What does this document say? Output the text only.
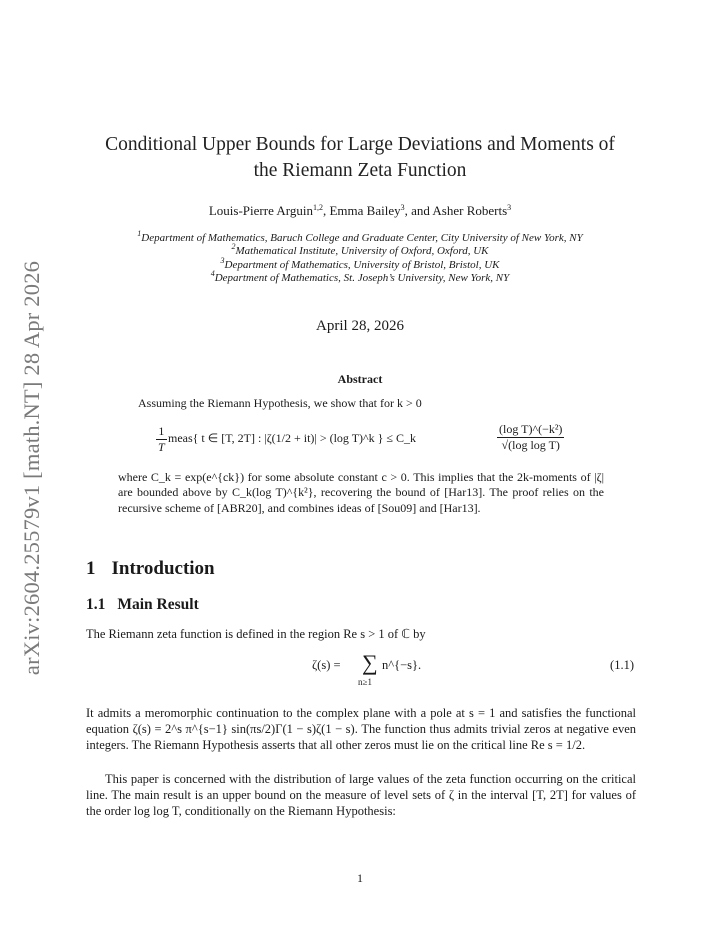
arXiv:2604.25579v1 [math.NT] 28 Apr 2026
Conditional Upper Bounds for Large Deviations and Moments of
the Riemann Zeta Function
Louis-Pierre Arguin$^{1,2}$, Emma Bailey$^3$, and Asher Roberts$^3$
$^1$Department of Mathematics, Baruch College and Graduate Center, City University of New York, NY
$^2$Mathematical Institute, University of Oxford, Oxford, UK
$^3$Department of Mathematics, University of Bristol, Bristol, UK
$^4$Department of Mathematics, St. Joseph’s University, New York, NY
April 28, 2026
Abstract
Assuming the Riemann Hypothesis, we show that for k > 0
1
T
meas{ t ∈ [T, 2T] : |ζ(1/2 + it)| > (log T)^k } ≤ C_k
(log T)^(−k²)
√(log log T)
where C_k = exp(e^{ck}) for some absolute constant c > 0. This implies that the 2k-moments of |ζ| are bounded above by C_k(log T)^{k²}, recovering the bound of [Har13]. The proof relies on the recursive scheme of [ABR20], and combines ideas of [Sou09] and [Har13].
1 Introduction
1.1 Main Result
The Riemann zeta function is defined in the region Re s > 1 of ℂ by
ζ(s) = ∑
n≥1
n^{−s}.	(1.1)
It admits a meromorphic continuation to the complex plane with a pole at s = 1 and satisfies the functional equation ζ(s) = 2^s π^{s−1} sin(πs/2)Γ(1 − s)ζ(1 − s). The function thus admits trivial zeros at negative even integers. The Riemann Hypothesis asserts that all other zeros must lie on the critical line Re s = 1/2.
This paper is concerned with the distribution of large values of the zeta function occurring on the critical line. The main result is an upper bound on the measure of level sets of ζ in the interval [T, 2T] for values of the order log log T, conditionally on the Riemann Hypothesis:
1
